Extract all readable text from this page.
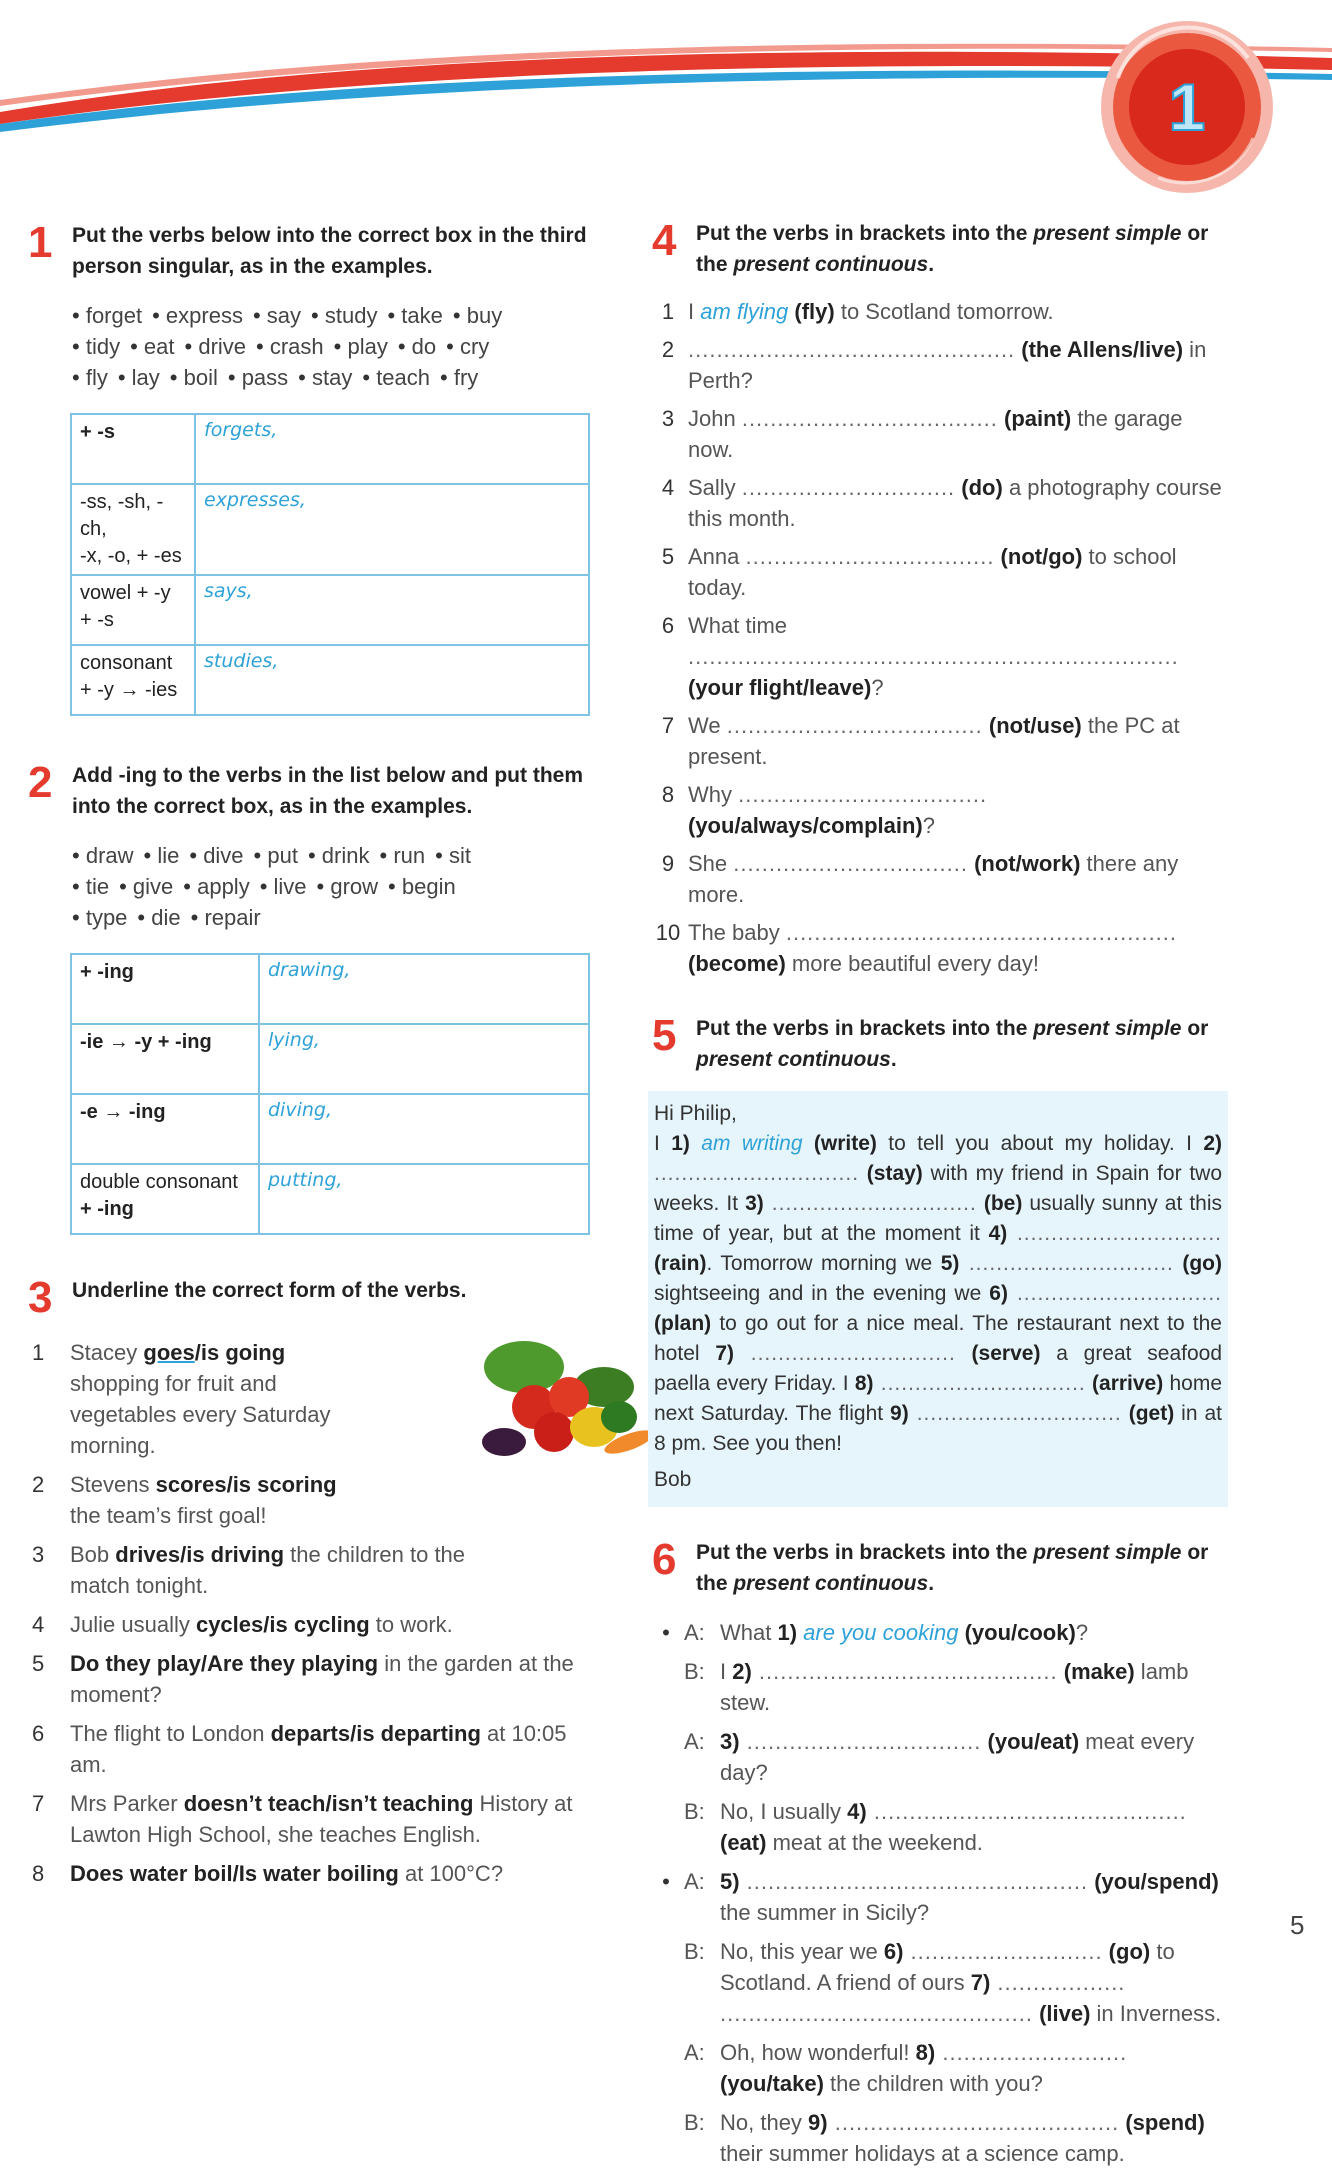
1
1 Put the verbs below into the correct box in the third person singular, as in the examples.
• forget • express • say • study • take • buy
• tidy • eat • drive • crash • play • do • cry
• fly • lay • boil • pass • stay • teach • fry
+ -s	forgets,
-ss, -sh, -ch,
-x, -o, + -es	expresses,
vowel + -y
+ -s	says,
consonant
+ -y → -ies	studies,
2 Add -ing to the verbs in the list below and put them into the correct box, as in the examples.
• draw • lie • dive • put • drink • run • sit
• tie • give • apply • live • grow • begin
• type • die • repair
+ -ing	drawing,
-ie → -y + -ing	lying,
-e → -ing	diving,
double consonant
+ -ing	putting,
3 Underline the correct form of the verbs.
1 Stacey goes/is going shopping for fruit and vegetables every Saturday morning.
2 Stevens scores/is scoring the team’s first goal!
3 Bob drives/is driving the children to the match tonight.
4 Julie usually cycles/is cycling to work.
5 Do they play/Are they playing in the garden at the moment?
6 The flight to London departs/is departing at 10:05 am.
7 Mrs Parker doesn’t teach/isn’t teaching History at Lawton High School, she teaches English.
8 Does water boil/Is water boiling at 100°C?
4 Put the verbs in brackets into the present simple or the present continuous.
1 I am flying (fly) to Scotland tomorrow.
2 .............................................. (the Allens/live) in Perth?
3 John .................................... (paint) the garage now.
4 Sally .............................. (do) a photography course this month.
5 Anna ................................... (not/go) to school today.
6 What time ..................................................................... (your flight/leave)?
7 We .................................... (not/use) the PC at present.
8 Why ................................... (you/always/complain)?
9 She ................................. (not/work) there any more.
10 The baby ....................................................... (become) more beautiful every day!
5 Put the verbs in brackets into the present simple or present continuous.
Hi Philip,
I 1) am writing (write) to tell you about my holiday. I 2) .............................. (stay) with my friend in Spain for two weeks. It 3) .............................. (be) usually sunny at this time of year, but at the moment it 4) .............................. (rain). Tomorrow morning we 5) .............................. (go) sightseeing and in the evening we 6) .............................. (plan) to go out for a nice meal. The restaurant next to the hotel 7) .............................. (serve) a great seafood paella every Friday. I 8) .............................. (arrive) home next Saturday. The flight 9) .............................. (get) in at 8 pm. See you then!
Bob
6 Put the verbs in brackets into the present simple or the present continuous.
• A: What 1) are you cooking (you/cook)?
B: I 2) .......................................... (make) lamb stew.
A: 3) ................................. (you/eat) meat every day?
B: No, I usually 4) ............................................ (eat) meat at the weekend.
• A: 5) ................................................ (you/spend) the summer in Sicily?
B: No, this year we 6) ........................... (go) to Scotland. A friend of ours 7) .................. ............................................ (live) in Inverness.
A: Oh, how wonderful! 8) .......................... (you/take) the children with you?
B: No, they 9) ........................................ (spend) their summer holidays at a science camp.
5
